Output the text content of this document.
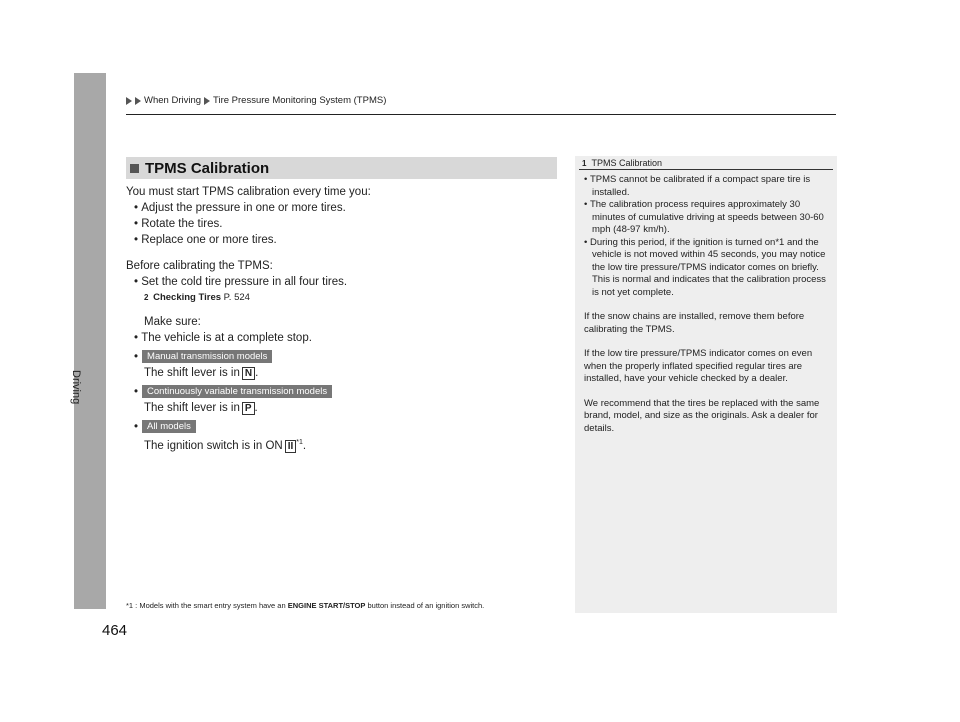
Driving
When Driving Tire Pressure Monitoring System (TPMS)
TPMS Calibration

You must start TPMS calibration every time you:

• Adjust the pressure in one or more tires.

• Rotate the tires.

• Replace one or more tires.

Before calibrating the TPMS:

• Set the cold tire pressure in all four tires.

2 Checking Tires P. 524

Make sure:

• The vehicle is at a complete stop.

• Manual transmission models

The shift lever is in N .

• Continuously variable transmission models

The shift lever is in P .

• All models

The ignition switch is in ON II $^{*1}$.

*1 : Models with the smart entry system have an ENGINE START/STOP button instead of an ignition switch.
1 TPMS Calibration

• TPMS cannot be calibrated if a compact spare tire is installed.

• The calibration process requires approximately 30 minutes of cumulative driving at speeds between 30-60 mph (48-97 km/h).

• During this period, if the ignition is turned on*1 and the vehicle is not moved within 45 seconds, you may notice the low tire pressure/TPMS indicator comes on briefly. This is normal and indicates that the calibration process is not yet complete.

If the snow chains are installed, remove them before calibrating the TPMS.

If the low tire pressure/TPMS indicator comes on even when the properly inflated specified regular tires are installed, have your vehicle checked by a dealer.

We recommend that the tires be replaced with the same brand, model, and size as the originals. Ask a dealer for details.

464
